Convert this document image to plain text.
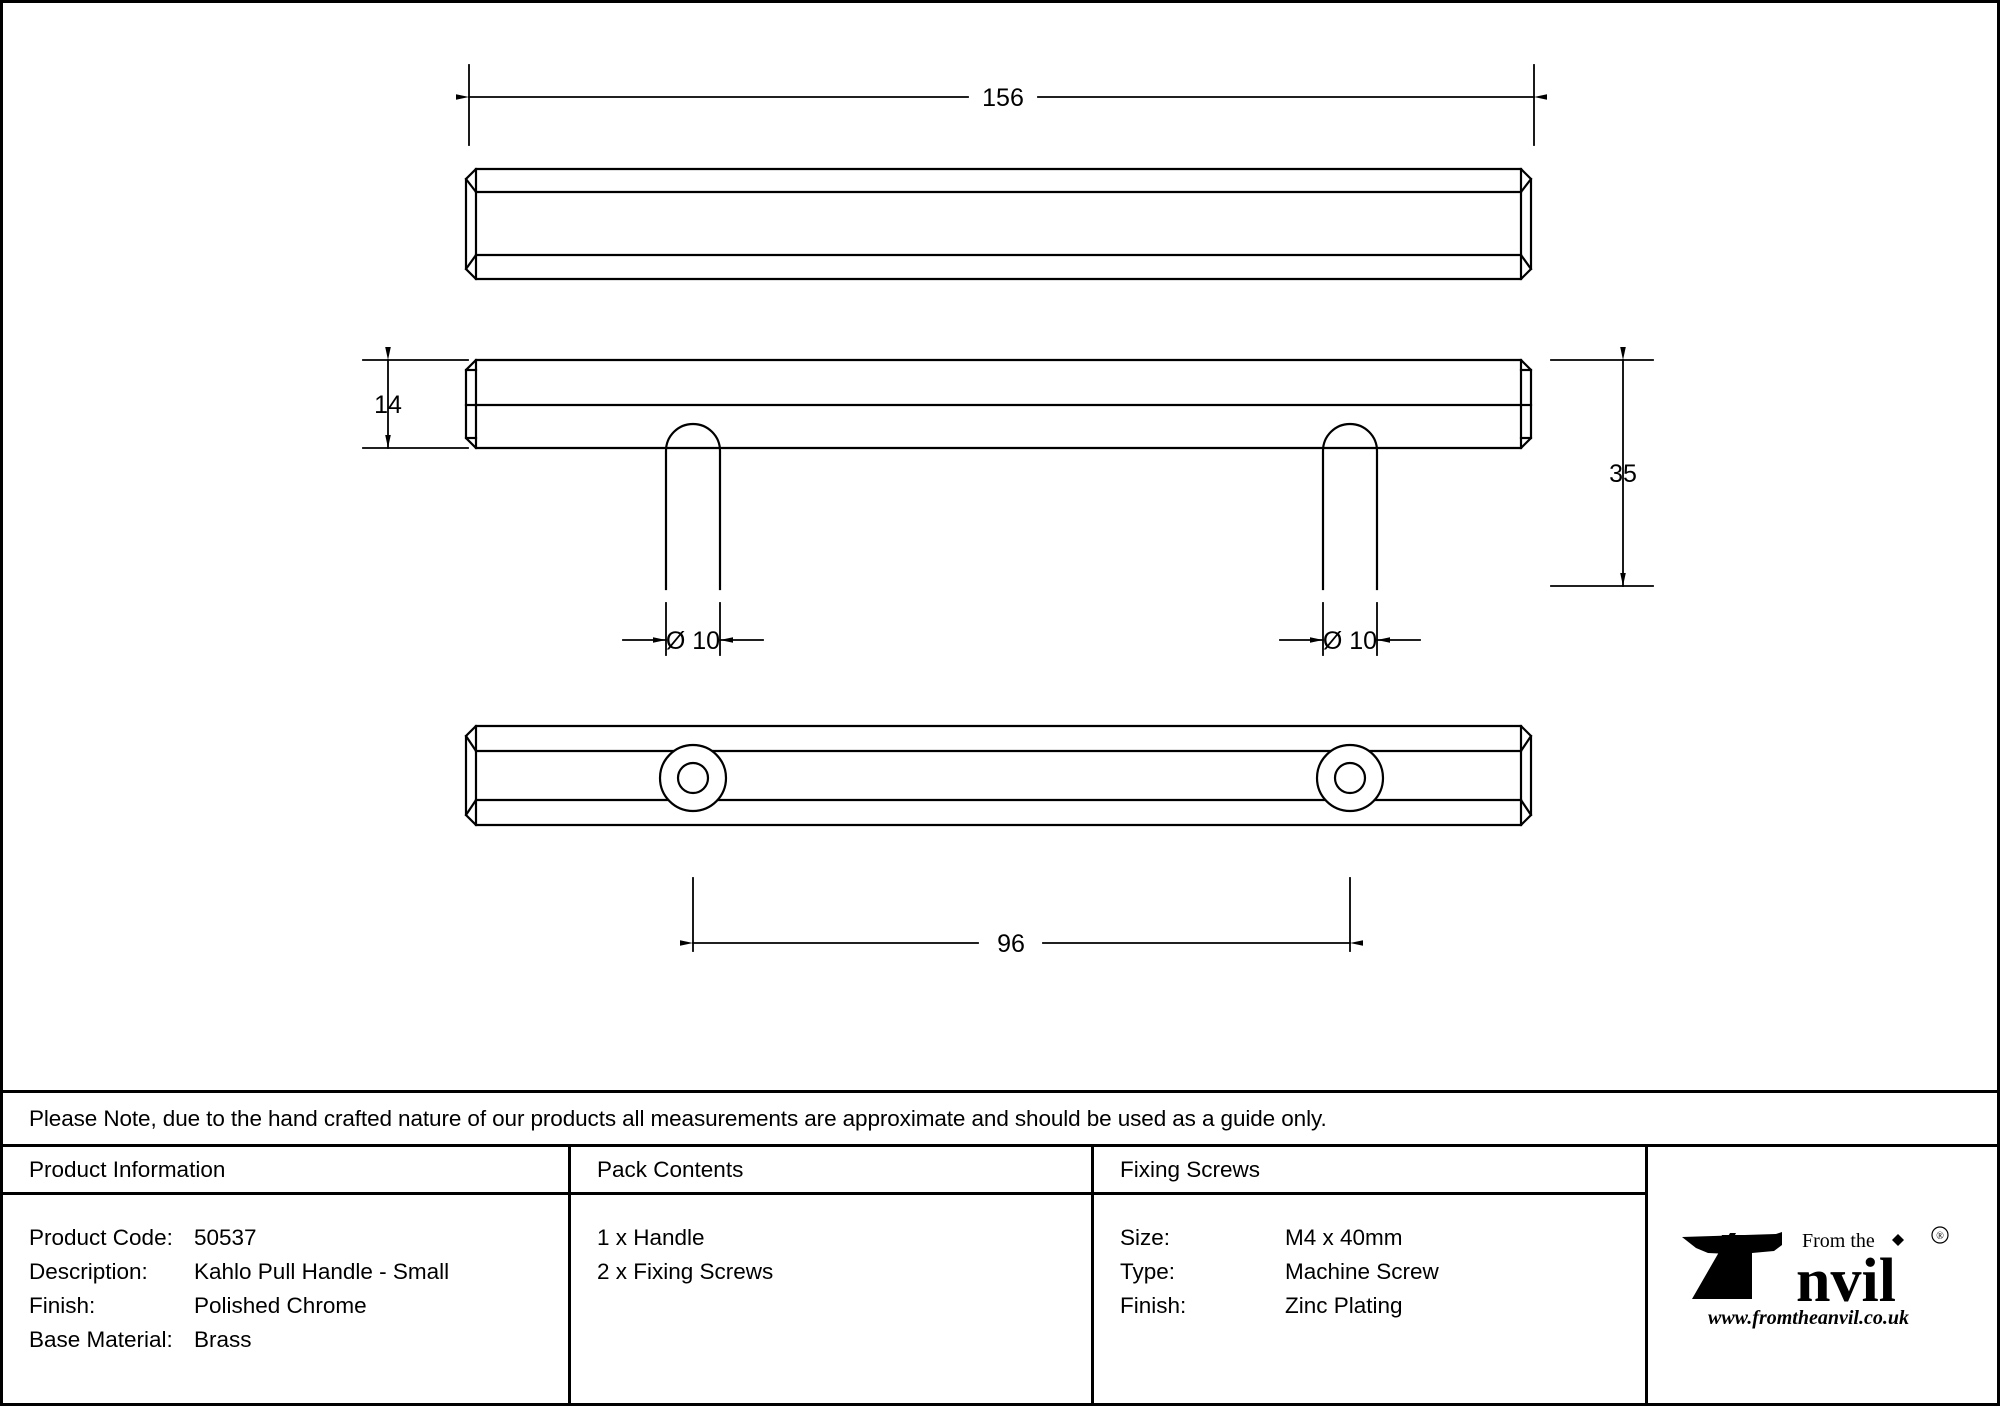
156
14
35
Ø 10	Ø 10
96
Please Note, due to the hand crafted nature of our products all measurements are approximate and should be used as a guide only.
Product Information
Product Code: 50537
Description:	Kahlo Pull Handle - Small
Finish:	Polished Chrome
Base Material: Brass
Pack Contents
1 x Handle
2 x Fixing Screws
Fixing Screws
Size:	M4 x 40mm
Type:	Machine Screw
Finish:	Zinc Plating
From the
nvil
®
www.fromtheanvil.co.uk
